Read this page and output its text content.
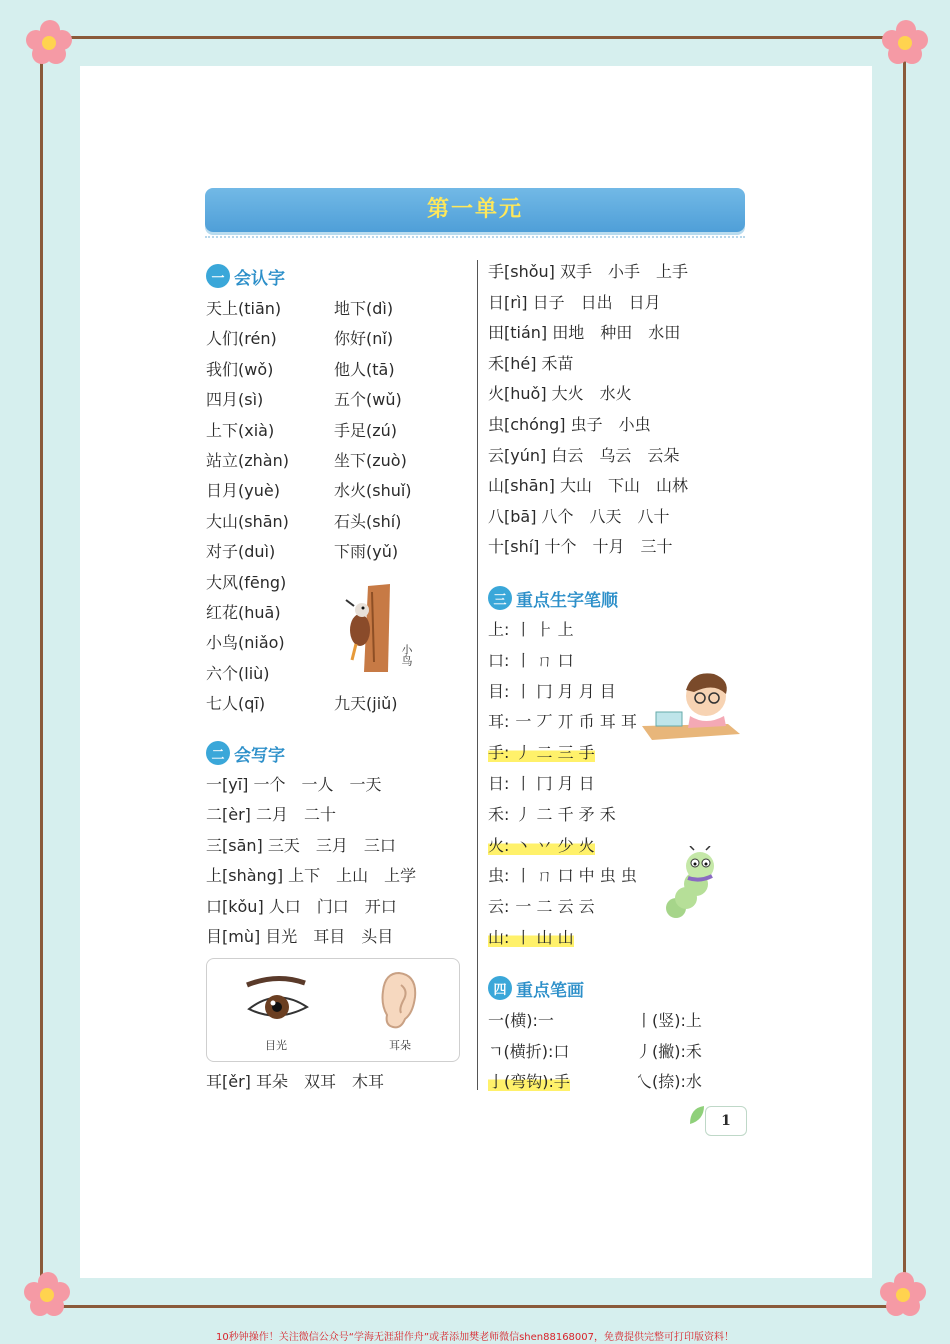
第一单元
一 会认字
天上(tiān)
人们(rén)
我们(wǒ)
四月(sì)
上下(xià)
站立(zhàn)
日月(yuè)
大山(shān)
对子(duì)
大风(fēng)
红花(huā)
小鸟(niǎo)
六个(liù)
七人(qī)
地下(dì)
你好(nǐ)
他人(tā)
五个(wǔ)
手足(zú)
坐下(zuò)
水火(shuǐ)
石头(shí)
下雨(yǔ)
九天(jiǔ)
小鸟
二 会写字
一[yī] 一个　一人　一天
二[èr] 二月　二十
三[sān] 三天　三月　三口
上[shàng] 上下　上山　上学
口[kǒu] 人口　门口　开口
目[mù] 目光　耳目　头目
目光	耳朵
耳[ěr] 耳朵　双耳　木耳
手[shǒu] 双手　小手　上手
日[rì] 日子　日出　日月
田[tián] 田地　种田　水田
禾[hé] 禾苗
火[huǒ] 大火　水火
虫[chóng] 虫子　小虫
云[yún] 白云　乌云　云朵
山[shān] 大山　下山　山林
八[bā] 八个　八天　八十
十[shí] 十个　十月　三十
三 重点生字笔顺
上: 丨 ⺊ 上
口: 丨 ㄇ 口
目: 丨 冂 月 月 目
耳: 一 丆 丌 币 耳 耳
手: 丿 二 三 手
日: 丨 冂 月 日
禾: 丿 二 千 矛 禾
火: 丶 丷 少 火
虫: 丨 ㄇ 口 中 虫 虫
云: 一 二 云 云
山: 丨 山 山
四 重点笔画
一(横):一
ㄱ(横折):口
亅(弯钩):手
丨(竖):上
丿(撇):禾
乀(捺):水
1
10秒钟操作！关注微信公众号“学海无涯甜作舟”或者添加樊老师微信shen88168007，免费提供完整可打印版资料！
